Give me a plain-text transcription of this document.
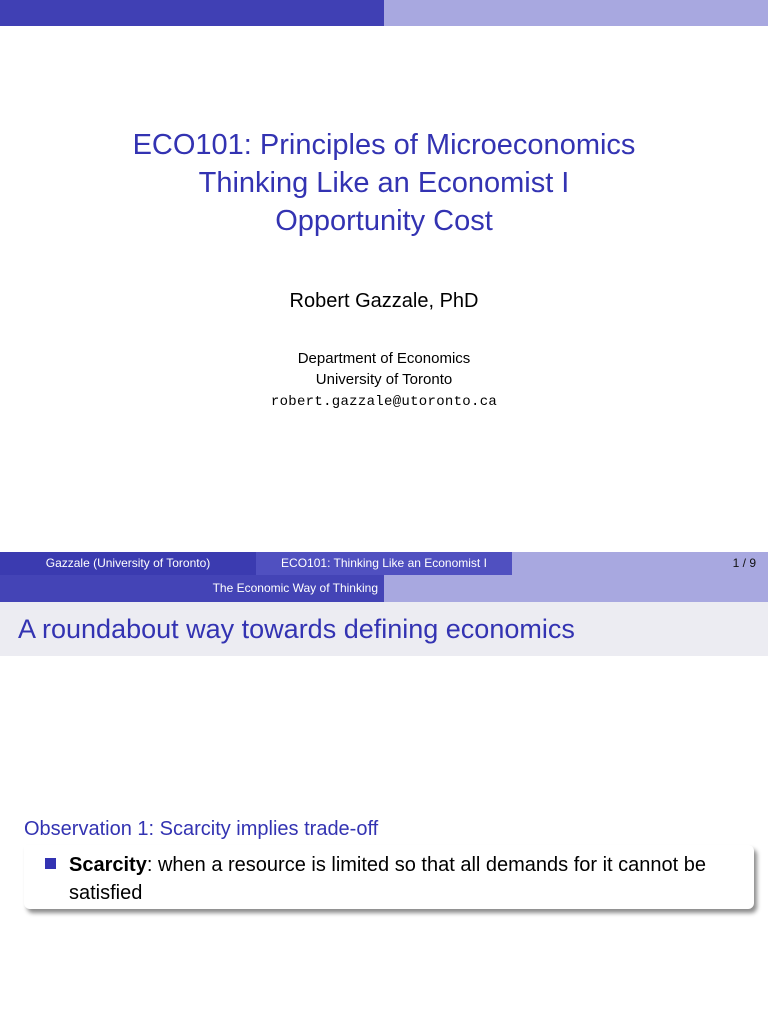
ECO101: Principles of Microeconomics
Thinking Like an Economist I
Opportunity Cost
Robert Gazzale, PhD
Department of Economics
University of Toronto
robert.gazzale@utoronto.ca
Gazzale (University of Toronto)	ECO101: Thinking Like an Economist I	1 / 9
The Economic Way of Thinking
A roundabout way towards defining economics
Observation 1: Scarcity implies trade-off
Scarcity: when a resource is limited so that all demands for it cannot be satisfied
